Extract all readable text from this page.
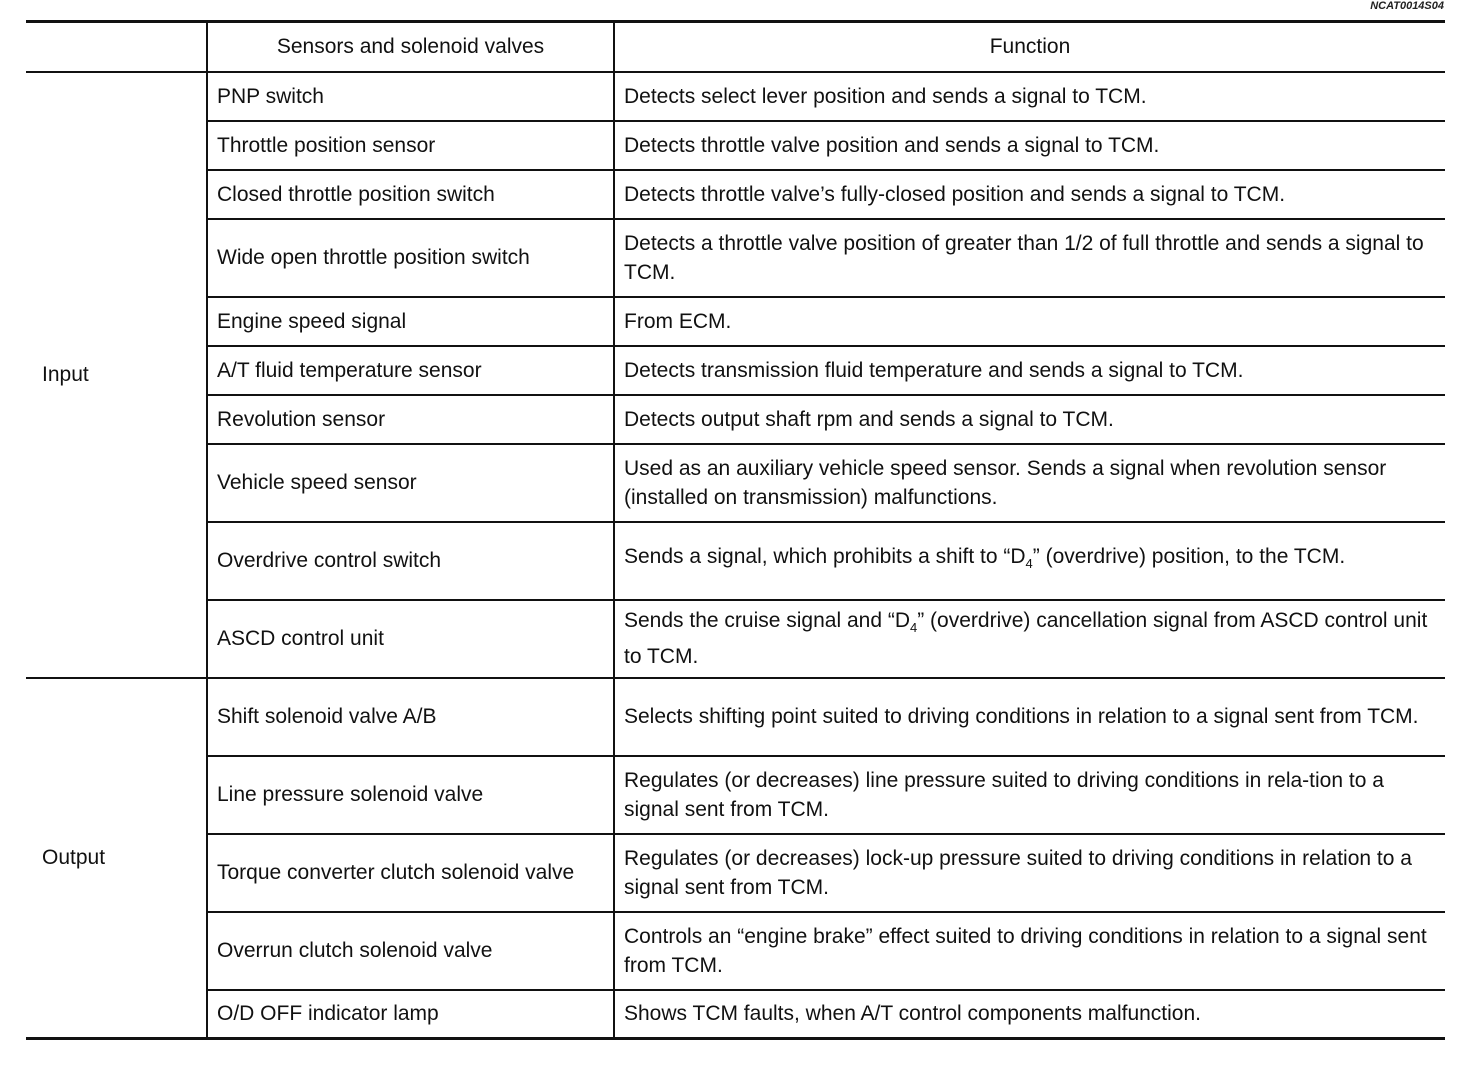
NCAT0014S04
	Sensors and solenoid valves	Function
Input	PNP switch	Detects select lever position and sends a signal to TCM.
	Throttle position sensor	Detects throttle valve position and sends a signal to TCM.
	Closed throttle position switch	Detects throttle valve’s fully-closed position and sends a signal to TCM.
	Wide open throttle position switch	Detects a throttle valve position of greater than 1/2 of full throttle and sends a signal to TCM.
	Engine speed signal	From ECM.
	A/T fluid temperature sensor	Detects transmission fluid temperature and sends a signal to TCM.
	Revolution sensor	Detects output shaft rpm and sends a signal to TCM.
	Vehicle speed sensor	Used as an auxiliary vehicle speed sensor. Sends a signal when revolution sensor (installed on transmission) malfunctions.
	Overdrive control switch	Sends a signal, which prohibits a shift to “$D_4$” (overdrive) position, to the TCM.
	ASCD control unit	Sends the cruise signal and “$D_4$” (overdrive) cancellation signal from ASCD control unit to TCM.
Output	Shift solenoid valve A/B	Selects shifting point suited to driving conditions in relation to a signal sent from TCM.
	Line pressure solenoid valve	Regulates (or decreases) line pressure suited to driving conditions in rela-tion to a signal sent from TCM.
	Torque converter clutch solenoid valve	Regulates (or decreases) lock-up pressure suited to driving conditions in relation to a signal sent from TCM.
	Overrun clutch solenoid valve	Controls an “engine brake” effect suited to driving conditions in relation to a signal sent from TCM.
	O/D OFF indicator lamp	Shows TCM faults, when A/T control components malfunction.
